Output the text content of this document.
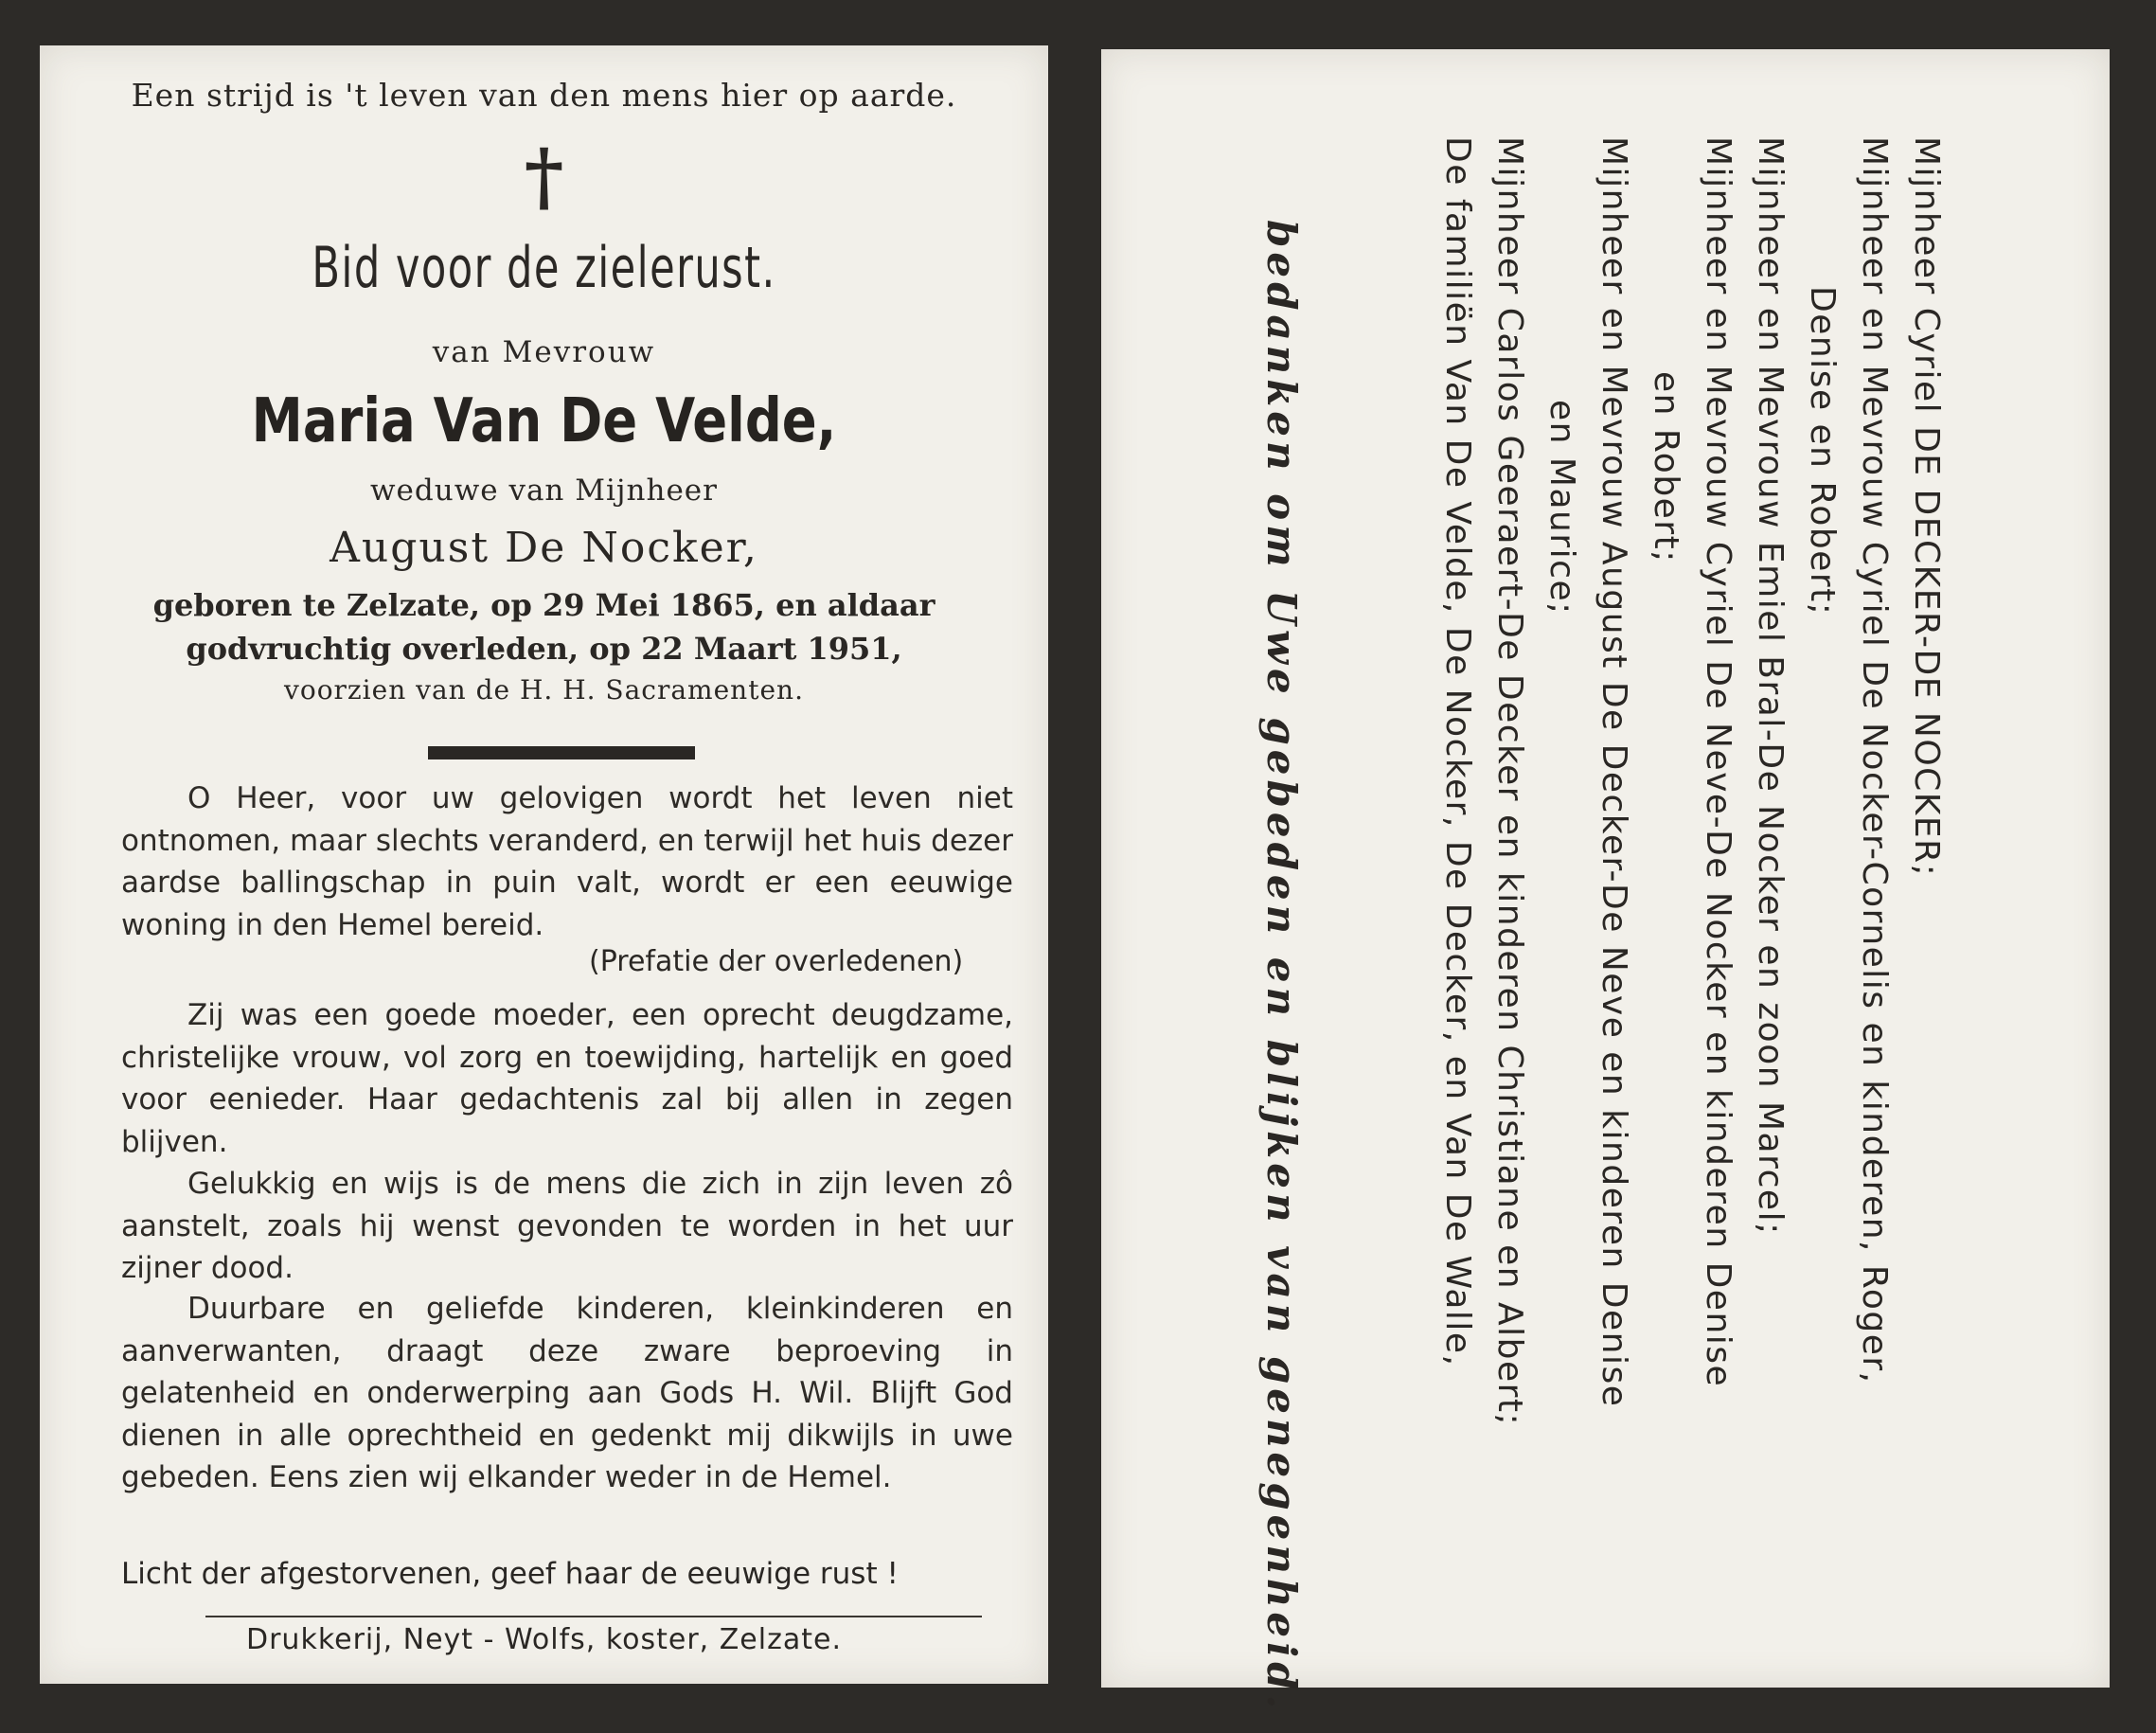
Een strijd is 't leven van den mens hier op aarde.
†
Bid voor de zielerust.
van Mevrouw
Maria Van De Velde,
weduwe van Mijnheer
August De Nocker,
geboren te Zelzate, op 29 Mei 1865, en aldaar
godvruchtig overleden, op 22 Maart 1951,
voorzien van de H. H. Sacramenten.

O Heer, voor uw gelovigen wordt het leven niet ontnomen, maar slechts veranderd, en terwijl het huis dezer aardse ballingschap in puin valt, wordt er een eeuwige woning in den Hemel bereid.

(Prefatie der overledenen)

Zij was een goede moeder, een oprecht deugdzame, christelijke vrouw, vol zorg en toewijding, hartelijk en goed voor eenieder. Haar gedachtenis zal bij allen in zegen blijven.

Gelukkig en wijs is de mens die zich in zijn leven zô aanstelt, zoals hij wenst gevonden te worden in het uur zijner dood.

Duurbare en geliefde kinderen, kleinkinderen en aanverwanten, draagt deze zware beproeving in gelatenheid en onderwerping aan Gods H. Wil. Blijft God dienen in alle oprechtheid en gedenkt mij dikwijls in uwe gebeden. Eens zien wij elkander weder in de Hemel.

Licht der afgestorvenen, geef haar de eeuwige rust !
Drukkerij, Neyt - Wolfs, koster, Zelzate.
Mijnheer Cyriel DE DECKER-DE NOCKER;
Mijnheer en Mevrouw Cyriel De Nocker-Cornelis en kinderen, Roger,
Denise en Robert;
Mijnheer en Mevrouw Emiel Bral-De Nocker en zoon Marcel;
Mijnheer en Mevrouw Cyriel De Neve-De Nocker en kinderen Denise
en Robert;
Mijnheer en Mevrouw August De Decker-De Neve en kinderen Denise
en Maurice;
Mijnheer Carlos Geeraert-De Decker en kinderen Christiane en Albert;
De familiën Van De Velde, De Nocker, De Decker, en Van De Walle,
bedanken om Uwe gebeden en blijken van genegenheid.
